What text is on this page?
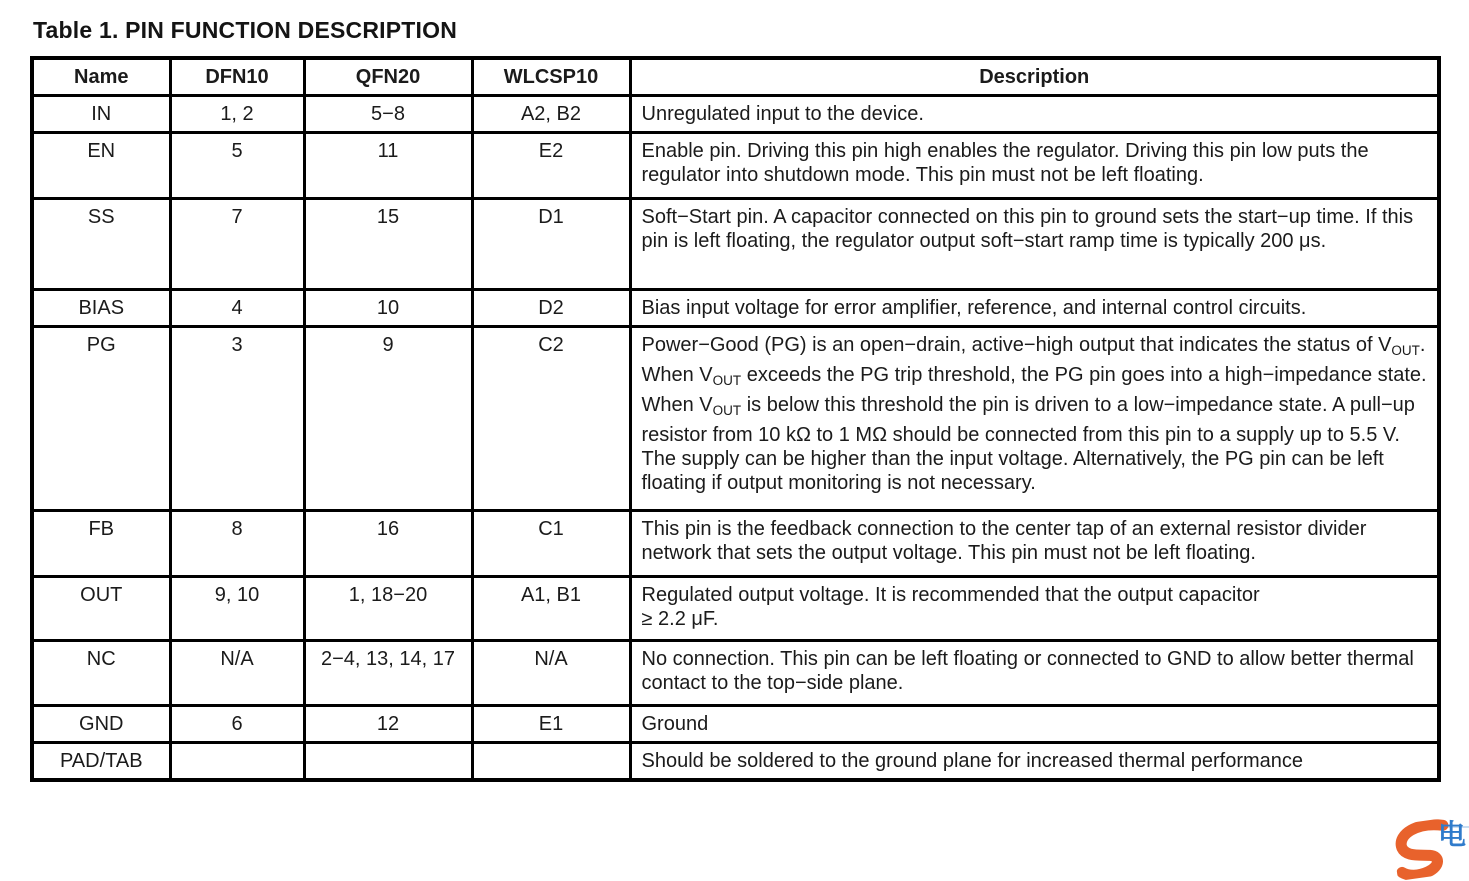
Table 1. PIN FUNCTION DESCRIPTION
Name	DFN10	QFN20	WLCSP10	Description
IN	1, 2	5−8	A2, B2	Unregulated input to the device.
EN	5	11	E2	Enable pin. Driving this pin high enables the regulator. Driving this pin low puts the regulator into shutdown mode. This pin must not be left floating.
SS	7	15	D1	Soft−Start pin. A capacitor connected on this pin to ground sets the start−up time. If this pin is left floating, the regulator output soft−start ramp time is typically 200 μs.
BIAS	4	10	D2	Bias input voltage for error amplifier, reference, and internal control circuits.
PG	3	9	C2	Power−Good (PG) is an open−drain, active−high output that indicates the status of $V_{OUT}$. When $V_{OUT}$ exceeds the PG trip threshold, the PG pin goes into a high−impedance state. When $V_{OUT}$ is below this threshold the pin is driven to a low−impedance state. A pull−up resistor from 10 kΩ to 1 MΩ should be connected from this pin to a supply up to 5.5 V. The supply can be higher than the input voltage. Alternatively, the PG pin can be left floating if output monitoring is not necessary.
FB	8	16	C1	This pin is the feedback connection to the center tap of an external resistor divider network that sets the output voltage. This pin must not be left floating.
OUT	9, 10	1, 18−20	A1, B1	Regulated output voltage. It is recommended that the output capacitor
≥ 2.2 μF.
NC	N/A	2−4, 13, 14, 17	N/A	No connection. This pin can be left floating or connected to GND to allow better thermal contact to the top−side plane.
GND	6	12	E1	Ground
PAD/TAB				Should be soldered to the ground plane for increased thermal performance
电
